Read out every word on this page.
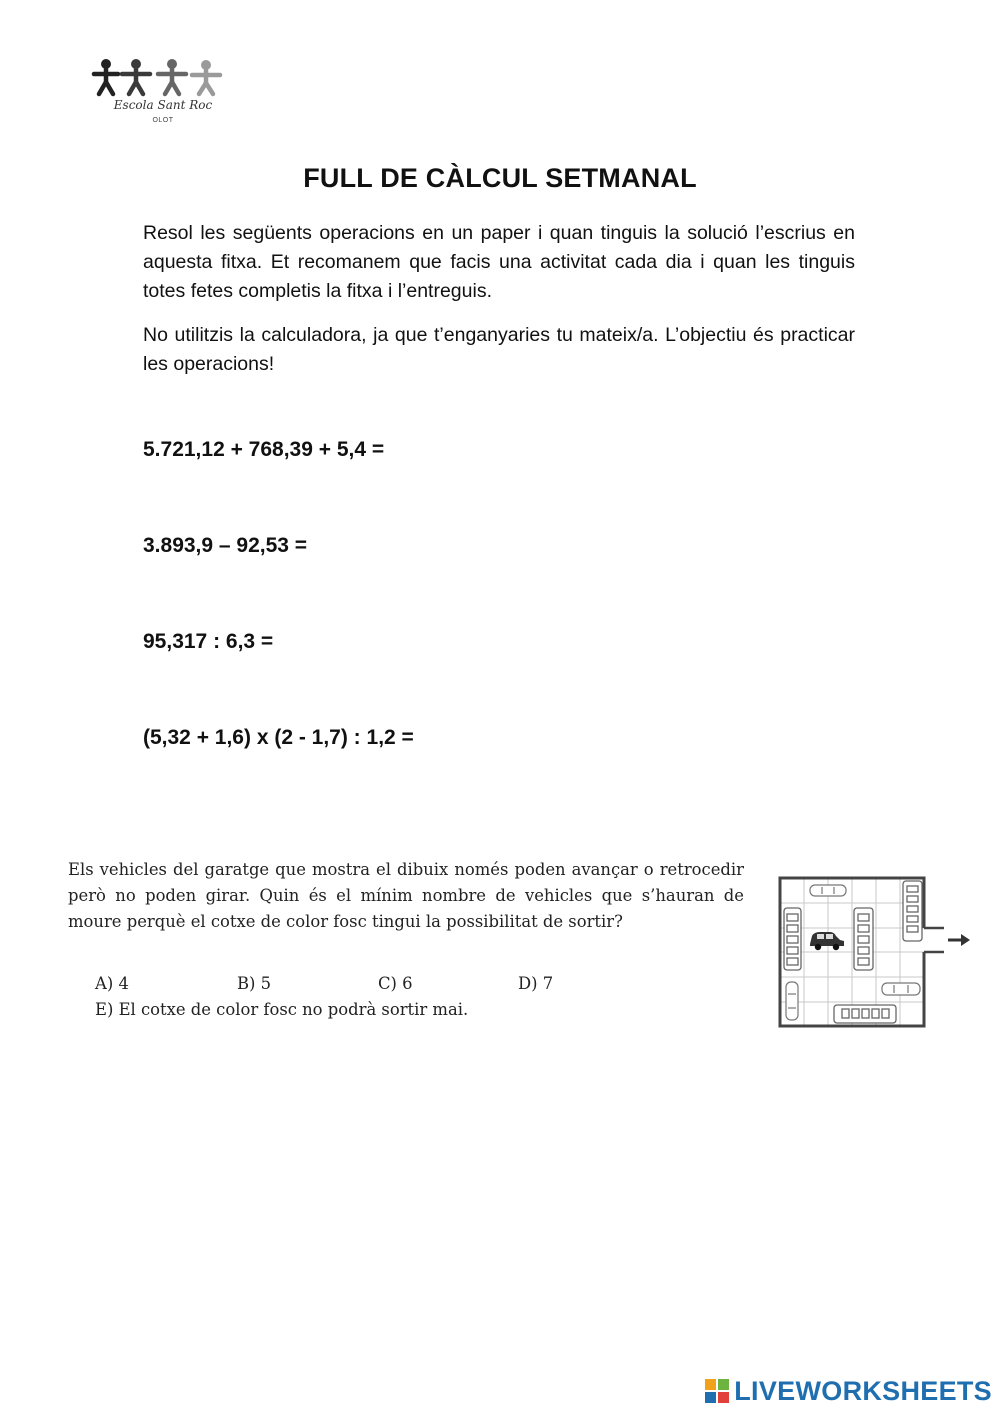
Escola Sant Roc
OLOT
FULL DE CÀLCUL SETMANAL

Resol les següents operacions en un paper i quan tinguis la solució l’escrius en aquesta fitxa. Et recomanem que facis una activitat cada dia i quan les tinguis totes fetes completis la fitxa i l’entreguis.

No utilitzis la calculadora, ja que t’enganyaries tu mateix/a. L’objectiu és practicar les operacions!

5.721,12 + 768,39 + 5,4 =
3.893,9 – 92,53 =
95,317 : 6,3 =
(5,32 + 1,6) x (2 - 1,7) : 1,2 =

Els vehicles del garatge que mostra el dibuix només poden avançar o retrocedir però no poden girar. Quin és el mínim nombre de vehicles que s’hauran de moure perquè el cotxe de color fosc tingui la possibilitat de sortir?

A) 4	B) 5	C) 6	D) 7
E) El cotxe de color fosc no podrà sortir mai.
LIVEWORKSHEETS
